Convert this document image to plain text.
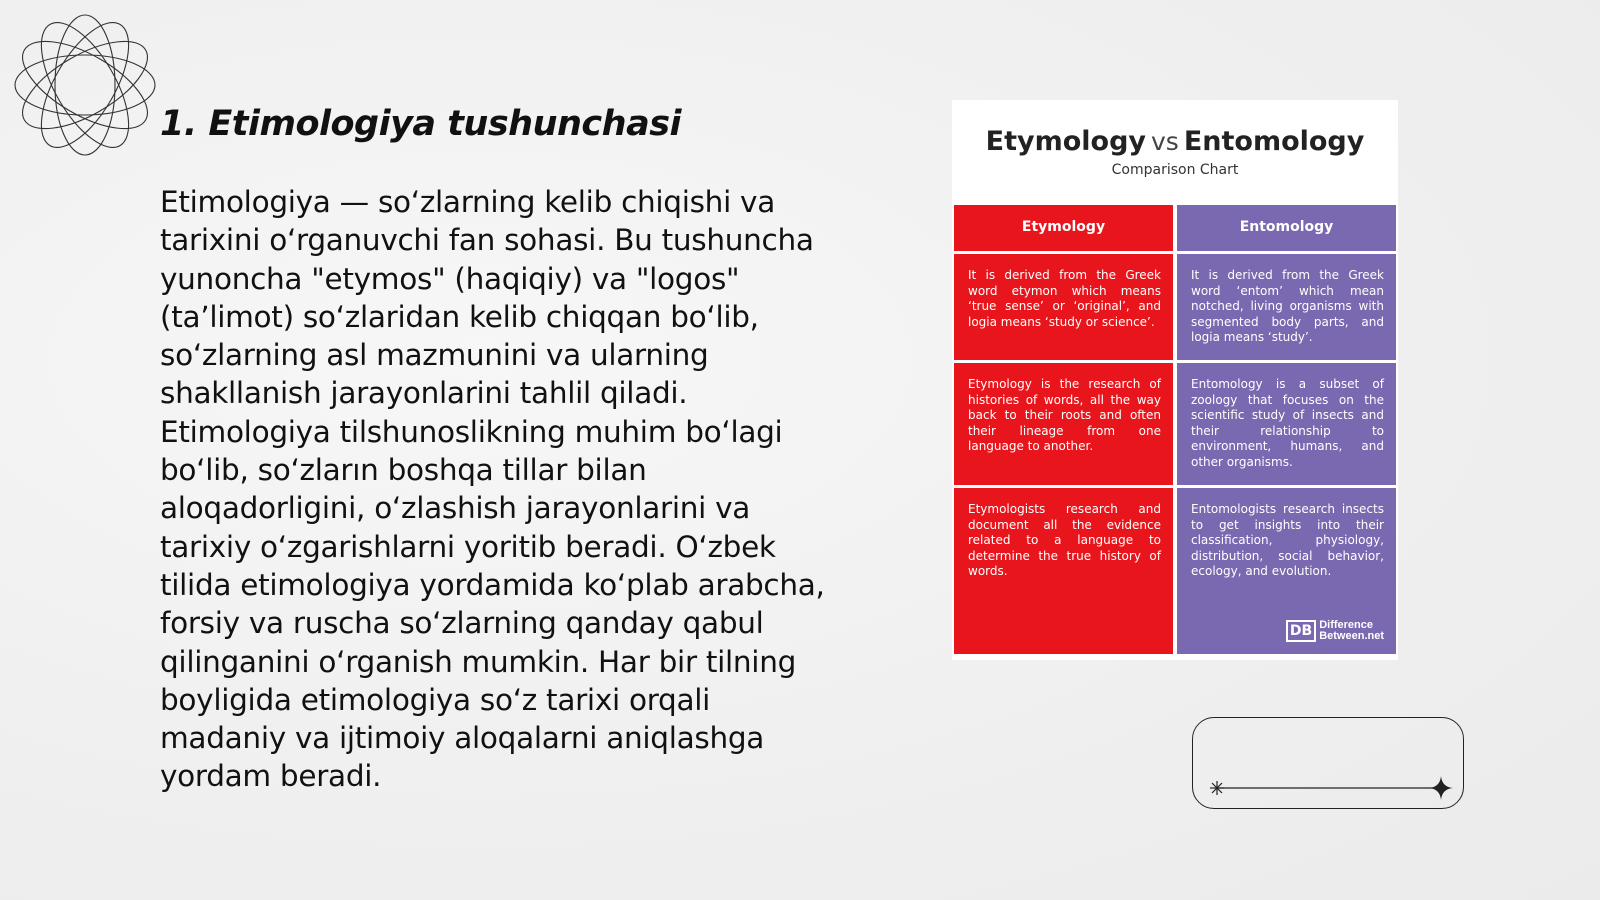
1. Etimologiya tushunchasi

Etimologiya — so‘zlarning kelib chiqishi va tarixini o‘rganuvchi fan sohasi. Bu tushuncha yunoncha "etymos" (haqiqiy) va "logos" (ta’limot) so‘zlaridan kelib chiqqan bo‘lib, so‘zlarning asl mazmunini va ularning shakllanish jarayonlarini tahlil qiladi. Etimologiya tilshunoslikning muhim bo‘lagi bo‘lib, so‘zların boshqa tillar bilan aloqadorligini, o‘zlashish jarayonlarini va tarixiy o‘zgarishlarni yoritib beradi. O‘zbek tilida etimologiya yordamida ko‘plab arabcha, forsiy va ruscha so‘zlarning qanday qabul qilinganini o‘rganish mumkin. Har bir tilning boyligida etimologiya so‘z tarixi orqali madaniy va ijtimoiy aloqalarni aniqlashga yordam beradi.

Etymology vs Entomology
Comparison Chart
Etymology	Entomology
It is derived from the Greek word etymon which means ‘true sense’ or ‘original’, and logia means ‘study or science’.
It is derived from the Greek word ‘entom’ which mean notched, living organisms with segmented body parts, and logia means ‘study’.
Etymology is the research of histories of words, all the way back to their roots and often their lineage from one language to another.
Entomology is a subset of zoology that focuses on the scientific study of insects and their relationship to environment, humans, and other organisms.
Etymologists research and document all the evidence related to a language to determine the true history of words.
Entomologists research insects to get insights into their classification, physiology, distribution, social behavior, ecology, and evolution.
DB Difference
Between.net
